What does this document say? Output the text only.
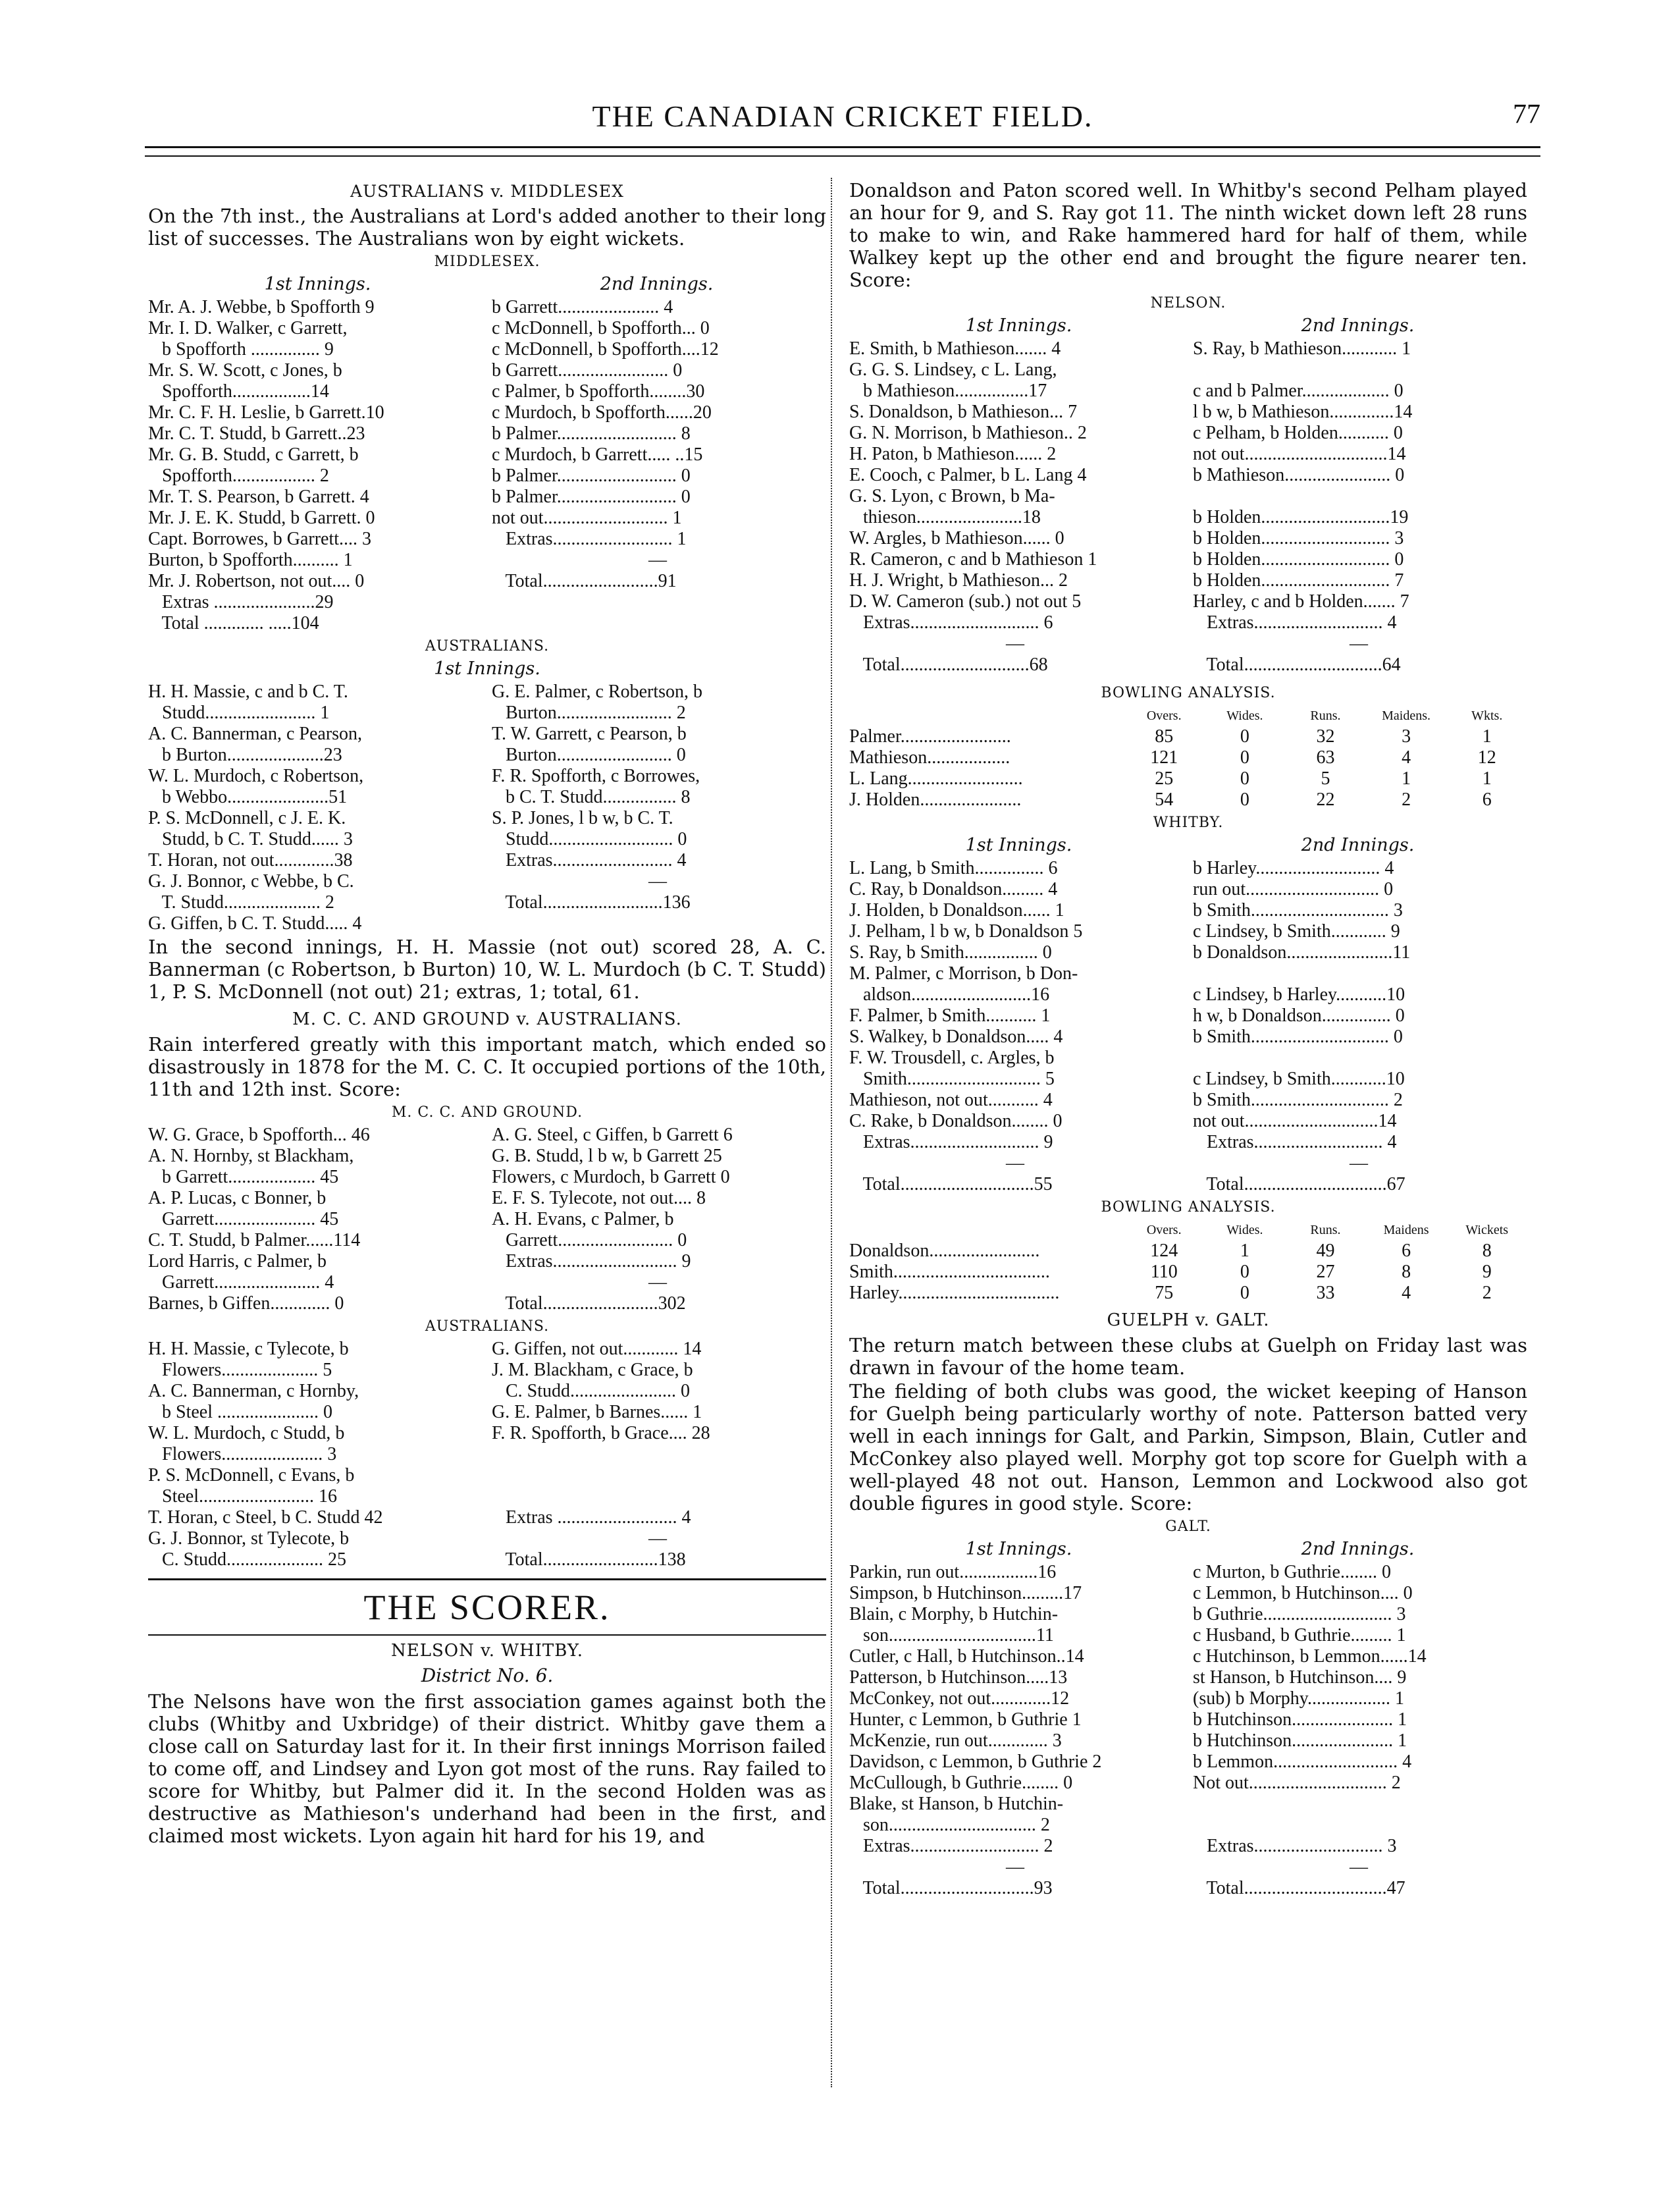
THE CANADIAN CRICKET FIELD.	77
AUSTRALIANS v. MIDDLESEX
On the 7th inst., the Australians at Lord's added another to their long list of successes. The Australians won by eight wickets.
MIDDLESEX.
1st Innings.	2nd Innings.
Mr. A. J. Webbe, b Spofforth 9	b Garrett...................... 4
Mr. I. D. Walker, c Garrett,	c McDonnell, b Spofforth... 0
b Spofforth ............... 9	c McDonnell, b Spofforth....12
Mr. S. W. Scott, c Jones, b	b Garrett........................ 0
Spofforth.................14	c Palmer, b Spofforth........30
Mr. C. F. H. Leslie, b Garrett.10	c Murdoch, b Spofforth......20
Mr. C. T. Studd, b Garrett..23	b Palmer.......................... 8
Mr. G. B. Studd, c Garrett, b	c Murdoch, b Garrett..... ..15
Spofforth.................. 2	b Palmer.......................... 0
Mr. T. S. Pearson, b Garrett. 4	b Palmer.......................... 0
Mr. J. E. K. Studd, b Garrett. 0	not out........................... 1
Capt. Borrowes, b Garrett.... 3	Extras.......................... 1
Burton, b Spofforth.......... 1	—
Mr. J. Robertson, not out.... 0	Total.........................91
Extras ......................29
Total ............. .....104
AUSTRALIANS.
1st Innings.
H. H. Massie, c and b C. T.	G. E. Palmer, c Robertson, b
Studd........................ 1	Burton......................... 2
A. C. Bannerman, c Pearson,	T. W. Garrett, c Pearson, b
b Burton.....................23	Burton......................... 0
W. L. Murdoch, c Robertson,	F. R. Spofforth, c Borrowes,
b Webbo......................51	b C. T. Studd................ 8
P. S. McDonnell, c J. E. K.	S. P. Jones, l b w, b C. T.
Studd, b C. T. Studd...... 3	Studd........................... 0
T. Horan, not out.............38	Extras.......................... 4
G. J. Bonnor, c Webbe, b C.	—
T. Studd..................... 2	Total..........................136
G. Giffen, b C. T. Studd..... 4
In the second innings, H. H. Massie (not out) scored 28, A. C. Bannerman (c Robertson, b Burton) 10, W. L. Murdoch (b C. T. Studd) 1, P. S. McDonnell (not out) 21; extras, 1; total, 61.
M. C. C. AND GROUND v. AUSTRALIANS.
Rain interfered greatly with this important match, which ended so disastrously in 1878 for the M. C. C. It occupied portions of the 10th, 11th and 12th inst. Score:
M. C. C. AND GROUND.
W. G. Grace, b Spofforth... 46	A. G. Steel, c Giffen, b Garrett 6
A. N. Hornby, st Blackham,	G. B. Studd, l b w, b Garrett 25
b Garrett................... 45	Flowers, c Murdoch, b Garrett 0
A. P. Lucas, c Bonner, b	E. F. S. Tylecote, not out.... 8
Garrett...................... 45	A. H. Evans, c Palmer, b
C. T. Studd, b Palmer......114	Garrett......................... 0
Lord Harris, c Palmer, b	Extras........................... 9
Garrett....................... 4	—
Barnes, b Giffen............. 0	Total.........................302
AUSTRALIANS.
H. H. Massie, c Tylecote, b	G. Giffen, not out............ 14
Flowers..................... 5	J. M. Blackham, c Grace, b
A. C. Bannerman, c Hornby,	C. Studd....................... 0
b Steel ...................... 0	G. E. Palmer, b Barnes...... 1
W. L. Murdoch, c Studd, b	F. R. Spofforth, b Grace.... 28
Flowers...................... 3
P. S. McDonnell, c Evans, b
Steel......................... 16
T. Horan, c Steel, b C. Studd 42	Extras .......................... 4
G. J. Bonnor, st Tylecote, b	—
C. Studd..................... 25	Total.........................138
THE SCORER.
NELSON v. WHITBY.
District No. 6.
The Nelsons have won the first association games against both the clubs (Whitby and Uxbridge) of their district. Whitby gave them a close call on Saturday last for it. In their first innings Morrison failed to come off, and Lindsey and Lyon got most of the runs. Ray failed to score for Whitby, but Palmer did it. In the second Holden was as destructive as Mathieson's underhand had been in the first, and claimed most wickets. Lyon again hit hard for his 19, and
Donaldson and Paton scored well. In Whitby's second Pelham played an hour for 9, and S. Ray got 11. The ninth wicket down left 28 runs to make to win, and Rake hammered hard for half of them, while Walkey kept up the other end and brought the figure nearer ten. Score:
NELSON.
1st Innings.	2nd Innings.
E. Smith, b Mathieson....... 4	S. Ray, b Mathieson............ 1
G. G. S. Lindsey, c L. Lang,
b Mathieson................17	c and b Palmer................... 0
S. Donaldson, b Mathieson... 7	l b w, b Mathieson..............14
G. N. Morrison, b Mathieson.. 2	c Pelham, b Holden........... 0
H. Paton, b Mathieson...... 2	not out...............................14
E. Cooch, c Palmer, b L. Lang 4	b Mathieson....................... 0
G. S. Lyon, c Brown, b Ma-
thieson.......................18	b Holden............................19
W. Argles, b Mathieson...... 0	b Holden............................ 3
R. Cameron, c and b Mathieson 1	b Holden............................ 0
H. J. Wright, b Mathieson... 2	b Holden............................ 7
D. W. Cameron (sub.) not out 5	Harley, c and b Holden....... 7
Extras............................ 6	Extras............................ 4
—	—
Total............................68	Total..............................64
BOWLING ANALYSIS.
Overs.	Wides.	Runs.	Maidens.	Wkts.
Palmer........................	85	0	32	3	1
Mathieson..................	121	0	63	4	12
L. Lang.........................	25	0	5	1	1
J. Holden......................	54	0	22	2	6
WHITBY.
1st Innings.	2nd Innings.
L. Lang, b Smith............... 6	b Harley........................... 4
C. Ray, b Donaldson......... 4	run out............................. 0
J. Holden, b Donaldson...... 1	b Smith.............................. 3
J. Pelham, l b w, b Donaldson 5	c Lindsey, b Smith............ 9
S. Ray, b Smith................ 0	b Donaldson.......................11
M. Palmer, c Morrison, b Don-
aldson..........................16	c Lindsey, b Harley...........10
F. Palmer, b Smith........... 1	h w, b Donaldson............... 0
S. Walkey, b Donaldson..... 4	b Smith.............................. 0
F. W. Trousdell, c. Argles, b
Smith............................. 5	c Lindsey, b Smith............10
Mathieson, not out........... 4	b Smith.............................. 2
C. Rake, b Donaldson........ 0	not out.............................14
Extras............................ 9	Extras............................ 4
—	—
Total.............................55	Total...............................67
BOWLING ANALYSIS.
Overs.	Wides.	Runs.	Maidens	Wickets
Donaldson........................	124	1	49	6	8
Smith..................................	110	0	27	8	9
Harley...................................	75	0	33	4	2
GUELPH v. GALT.
The return match between these clubs at Guelph on Friday last was drawn in favour of the home team.
The fielding of both clubs was good, the wicket keeping of Hanson for Guelph being particularly worthy of note. Patterson batted very well in each innings for Galt, and Parkin, Simpson, Blain, Cutler and McConkey also played well. Morphy got top score for Guelph with a well-played 48 not out. Hanson, Lemmon and Lockwood also got double figures in good style. Score:
GALT.
1st Innings.	2nd Innings.
Parkin, run out.................16	c Murton, b Guthrie........ 0
Simpson, b Hutchinson.........17	c Lemmon, b Hutchinson.... 0
Blain, c Morphy, b Hutchin-	b Guthrie............................ 3
son................................11	c Husband, b Guthrie......... 1
Cutler, c Hall, b Hutchinson..14	c Hutchinson, b Lemmon......14
Patterson, b Hutchinson.....13	st Hanson, b Hutchinson.... 9
McConkey, not out.............12	(sub) b Morphy.................. 1
Hunter, c Lemmon, b Guthrie 1	b Hutchinson...................... 1
McKenzie, run out............. 3	b Hutchinson...................... 1
Davidson, c Lemmon, b Guthrie 2	b Lemmon........................... 4
McCullough, b Guthrie........ 0	Not out.............................. 2
Blake, st Hanson, b Hutchin-
son................................ 2
Extras............................ 2	Extras............................ 3
—	—
Total.............................93	Total...............................47
